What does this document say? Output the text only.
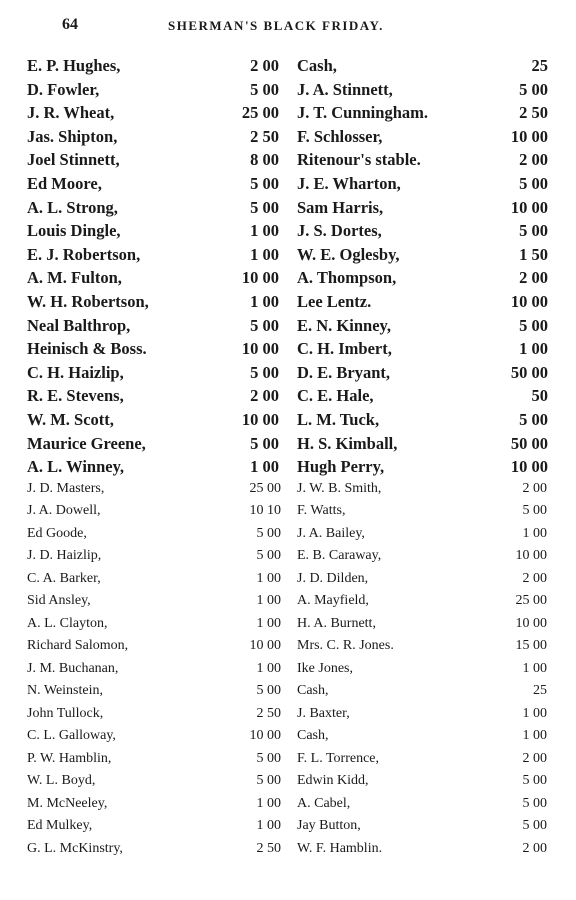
64	SHERMAN'S BLACK FRIDAY.
E. P. Hughes,	2 00 Cash,	25
D. Fowler,	5 00 J. A. Stinnett,	5 00
J. R. Wheat,	25 00 J. T. Cunningham.	2 50
Jas. Shipton,	2 50 F. Schlosser,	10 00
Joel Stinnett,	8 00 Ritenour's stable.	2 00
Ed Moore,	5 00 J. E. Wharton,	5 00
A. L. Strong,	5 00 Sam Harris,	10 00
Louis Dingle,	1 00 J. S. Dortes,	5 00
E. J. Robertson,	1 00 W. E. Oglesby,	1 50
A. M. Fulton,	10 00 A. Thompson,	2 00
W. H. Robertson,	1 00 Lee Lentz.	10 00
Neal Balthrop,	5 00 E. N. Kinney,	5 00
Heinisch & Boss.	10 00 C. H. Imbert,	1 00
C. H. Haizlip,	5 00 D. E. Bryant,	50 00
R. E. Stevens,	2 00 C. E. Hale,	50
W. M. Scott,	10 00 L. M. Tuck,	5 00
Maurice Greene,	5 00 H. S. Kimball,	50 00
A. L. Winney,	1 00 Hugh Perry,	10 00
J. D. Masters,	25 00 J. W. B. Smith,	2 00
J. A. Dowell,	10 10 F. Watts,	5 00
Ed Goode,	5 00 J. A. Bailey,	1 00
J. D. Haizlip,	5 00 E. B. Caraway,	10 00
C. A. Barker,	1 00 J. D. Dilden,	2 00
Sid Ansley,	1 00 A. Mayfield,	25 00
A. L. Clayton,	1 00 H. A. Burnett,	10 00
Richard Salomon,	10 00 Mrs. C. R. Jones.	15 00
J. M. Buchanan,	1 00 Ike Jones,	1 00
N. Weinstein,	5 00 Cash,	25
John Tullock,	2 50 J. Baxter,	1 00
C. L. Galloway,	10 00 Cash,	1 00
P. W. Hamblin,	5 00 F. L. Torrence,	2 00
W. L. Boyd,	5 00 Edwin Kidd,	5 00
M. McNeeley,	1 00 A. Cabel,	5 00
Ed Mulkey,	1 00 Jay Button,	5 00
G. L. McKinstry,	2 50 W. F. Hamblin.	2 00
